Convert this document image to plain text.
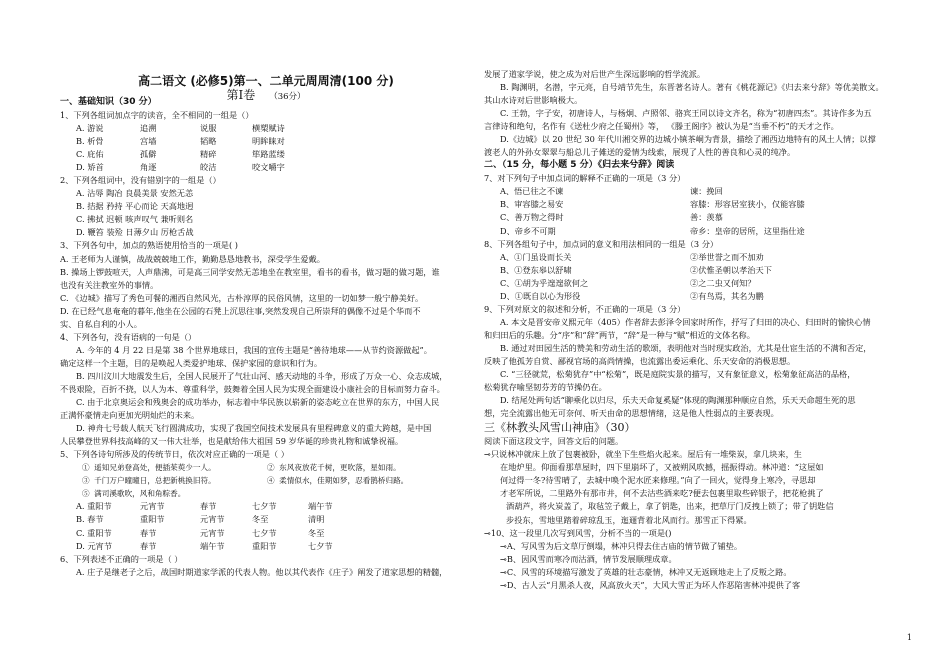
高二语文 (必修5)第一、二单元周周清(100 分)
第Ⅰ卷 （36分）
一、基础知识（30 分）
1、下列各组词加点字的读音，全不相同的一组是（）
A. 游说	追溯	说服	横槊赋诗
B. 析骨	宫墙	韬略	明眸睐对
C. 庇佑	孤僻	精碎	筚路蓝缕
D. 矫首	角逐	皎洁	咬文嚼字
2、下列各组词中，没有错别字的一组是（）
A. 沾辱 陶冶 良晨美景 安然无恙
B. 拮据 矜持 平心而论 天高地迥
C. 拂拭 迟顿 咳声叹气 兼听则名
D. 鞭笞 装殓 日薄夕山 厉枪舌战
3、下列各句中，加点的熟语使用恰当的一项是( )
A. 王老师为人谨慎，战战兢兢地工作，勤勤恳恳地教书，深受学生爱戴。
B. 操场上锣鼓喧天，人声鼎沸，可是高三同学安然无恙地坐在教室里，看书的看书，做习题的做习题，谁
也没有关注教室外的事情。
C. 《边城》描写了秀色可餐的湘西自然风光，古朴淳厚的民俗风情，这里的一切如梦一般宁静美好。
D. 在已经气息奄奄的暮年,他坐在公园的石凳上沉思往事,突然发现自己所崇拜的偶像不过是个华而不
实、自私自利的小人。
4、下列各句，没有语病的一句是（）
A. 今年的 4 月 22 日是第 38 个世界地球日，我国的宣传主题是“善待地球——从节约资源做起”。
确定这样一个主题，目的是唤起人类爱护地球、保护家园的意识和行为。
B. 四川汶川大地震发生后，全国人民展开了气壮山河、感天动地的斗争，形成了万众一心、众志成城，
不畏艰险，百折不挠，以人为本、尊重科学，鼓舞着全国人民为实现全面建设小康社会的目标而努力奋斗。
C. 由于北京奥运会和残奥会的成功举办，标志着中华民族以崭新的姿态屹立在世界的东方，中国人民
正满怀豪情走向更加光明灿烂的未来。
D. 神舟七号载人航天飞行圆满成功，实现了我国空间技术发展具有里程碑意义的重大跨越，是中国
人民攀登世界科技高峰的又一伟大壮举，也是献给伟大祖国 59 岁华诞的珍贵礼物和诚挚祝福。
5、下列各诗句所涉及的传统节日，依次对应正确的一项是（ ）
① 遥知兄弟登高处，便插茱萸少一人。	② 东风夜放花千树，更吹落，星如雨。
③ 千门万户曈曈日，总把新桃换旧符。	④ 柔情似水，佳期如梦，忍看鹊桥归路。
⑤ 满司溪歌吹，风和角粽香。
A. 重阳节	元宵节	春节	七夕节	端午节
B. 春节	重阳节	元宵节	冬至	清明
C. 重阳节	春节	元宵节	七夕节	冬至
D. 元宵节	春节	端午节	重阳节	七夕节
6、下列表述不正确的一项是（ ）
A. 庄子是继老子之后，战国时期道家学派的代表人物。他以其代表作《庄子》阐发了道家思想的精髓，
发展了道家学说，使之成为对后世产生深远影响的哲学流派。
B. 陶渊明，名潜，字元亮，自号靖节先生，东晋著名诗人。著有《桃花源记》《归去来兮辞》等优美散文。
其山水诗对后世影响极大。
C. 王勃，字子安，初唐诗人，与杨炯、卢照邻、骆宾王同以诗文齐名，称为“初唐四杰”。其诗作多为五
言律诗和绝句，名作有《送杜少府之任蜀州》等， 《滕王阁序》被认为是“当垂不朽”的天才之作。
D.《边城》以 20 世纪 30 年代川湘交界的边城小镇茶峒为背景，描绘了湘西边地特有的风土人情；以撑
渡老人的外孙女翠翠与船总儿子傩送的爱情为线索，展现了人性的善良和心灵的纯净。
二、（15 分，每小题 5 分）《归去来兮辞》阅读
7、对下列句子中加点词的解释不正确的一项是（3 分）
A、悟已往之不谏	谏：挽回
B、审容膝之易安	容膝：形容居室狭小，仅能容膝
C、善万物之得时	善：羡慕
D、帝乡不可期	帝乡：皇帝的居所，这里指仕途
8、下列各组句子中，加点词的意义和用法相同的一组是（3 分）
A、①门虽设而长关	②举世誉之而不加劝
B、①登东皋以舒啸	②伏惟圣朝以孝治天下
C、①胡为乎遑遑欲何之	②之二虫又何知？
D、①既自以心为形役	②有鸟焉，其名为鹏
9、下列对原文的叙述和分析，不正确的一项是（3 分）
A. 本文是晋安帝义熙元年（405）作者辞去彭泽令回家时所作，抒写了归田的决心、归田时的愉快心情
和归田后的乐趣。分“序”和“辞”两节，“辞”是一种与“赋”相近的文体名称。
B. 通过对田园生活的赞美和劳动生活的歌颂，表明他对当时现实政治，尤其是仕宦生活的不满和否定，
反映了他孤芳自赏、鄙视官场的高尚情操，也流露出委运乘化、乐天安命的消极思想。
C. “三径就荒，松菊犹存”中“松菊”，既是庭院实景的描写，又有象征意义，松菊象征高洁的品格，
松菊犹存喻坚韧芬芳的节操仍在。
D. 结尾处两句话“聊乘化以归尽，乐夫天命复奚疑”体现的陶渊那种顺应自然，乐天天命超生死的思
想，完全流露出他无可奈何、听天由命的思想情绪，这是他人性弱点的主要表现。
三《林教头风雪山神庙》（30）
阅读下面这段文字，回答文后的问题。
⊸只说林冲就床上放了包裹被卧，就坐下生些焰火起来。屋后有一堆柴炭，拿几块来，生
在地炉里。仰面看那草屋时，四下里崩坏了，又被朔风吹撼，摇振得动。林冲道：“这屋如
何过得一冬?待雪晴了，去城中唤个泥水匠来修理。”向了一回火，觉得身上寒冷，寻思却
才老军所说，二里路外有那市井，何不去沽些酒来吃?便去包裹里取些碎银子，把花枪挑了
酒葫芦，将火炭盖了，取毡笠子戴上，拿了钥匙，出来，把草厅门反拽上锁了；带了钥匙信
步投东，雪地里踏着碎琼乱玉，迤逦背着北风而行。那雪正下得紧。
⊸10、这一段里几次写到风雪，分析不当的一项是()
⊸A、写风雪为后文草厅倒塌，林冲只得去住古庙的情节做了铺垫。
⊸B、因风雪而寒冷而沽酒，情节发展顺理成章。
⊸C、风雪的环境描写激发了英雄的壮志豪情，林冲又无返顾地走上了反叛之路。
⊸D、古人云“月黑杀人夜，风高放火天”，大风大雪正为坏人作恶陷害林冲提供了客
1
